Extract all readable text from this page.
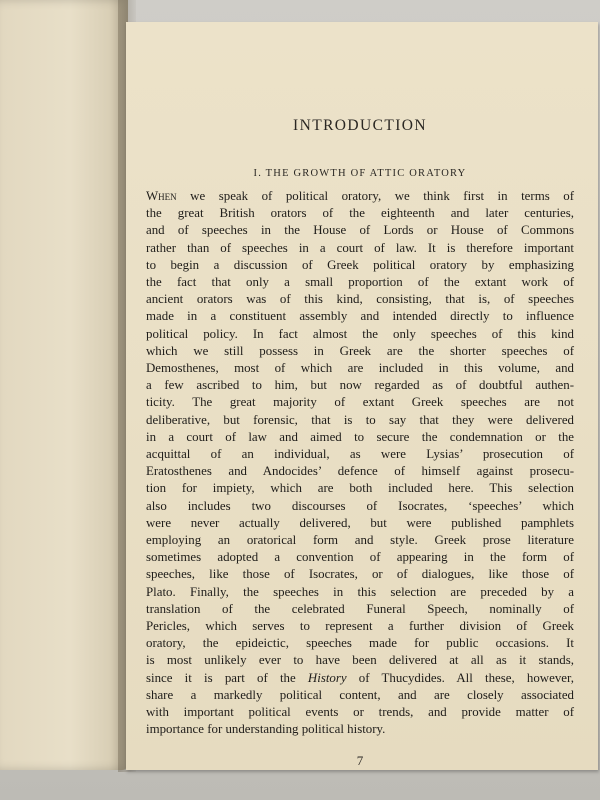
INTRODUCTION
I. THE GROWTH OF ATTIC ORATORY
When we speak of political oratory, we think first in terms of
the great British orators of the eighteenth and later centuries,
and of speeches in the House of Lords or House of Commons
rather than of speeches in a court of law. It is therefore important
to begin a discussion of Greek political oratory by emphasizing
the fact that only a small proportion of the extant work of
ancient orators was of this kind, consisting, that is, of speeches
made in a constituent assembly and intended directly to influence
political policy. In fact almost the only speeches of this kind
which we still possess in Greek are the shorter speeches of
Demosthenes, most of which are included in this volume, and
a few ascribed to him, but now regarded as of doubtful authen-
ticity. The great majority of extant Greek speeches are not
deliberative, but forensic, that is to say that they were delivered
in a court of law and aimed to secure the condemnation or the
acquittal of an individual, as were Lysias’ prosecution of
Eratosthenes and Andocides’ defence of himself against prosecu-
tion for impiety, which are both included here. This selection
also includes two discourses of Isocrates, ‘speeches’ which
were never actually delivered, but were published pamphlets
employing an oratorical form and style. Greek prose literature
sometimes adopted a convention of appearing in the form of
speeches, like those of Isocrates, or of dialogues, like those of
Plato. Finally, the speeches in this selection are preceded by a
translation of the celebrated Funeral Speech, nominally of
Pericles, which serves to represent a further division of Greek
oratory, the epideictic, speeches made for public occasions. It
is most unlikely ever to have been delivered at all as it stands,
since it is part of the History of Thucydides. All these, however,
share a markedly political content, and are closely associated
with important political events or trends, and provide matter of
importance for understanding political history.
7
